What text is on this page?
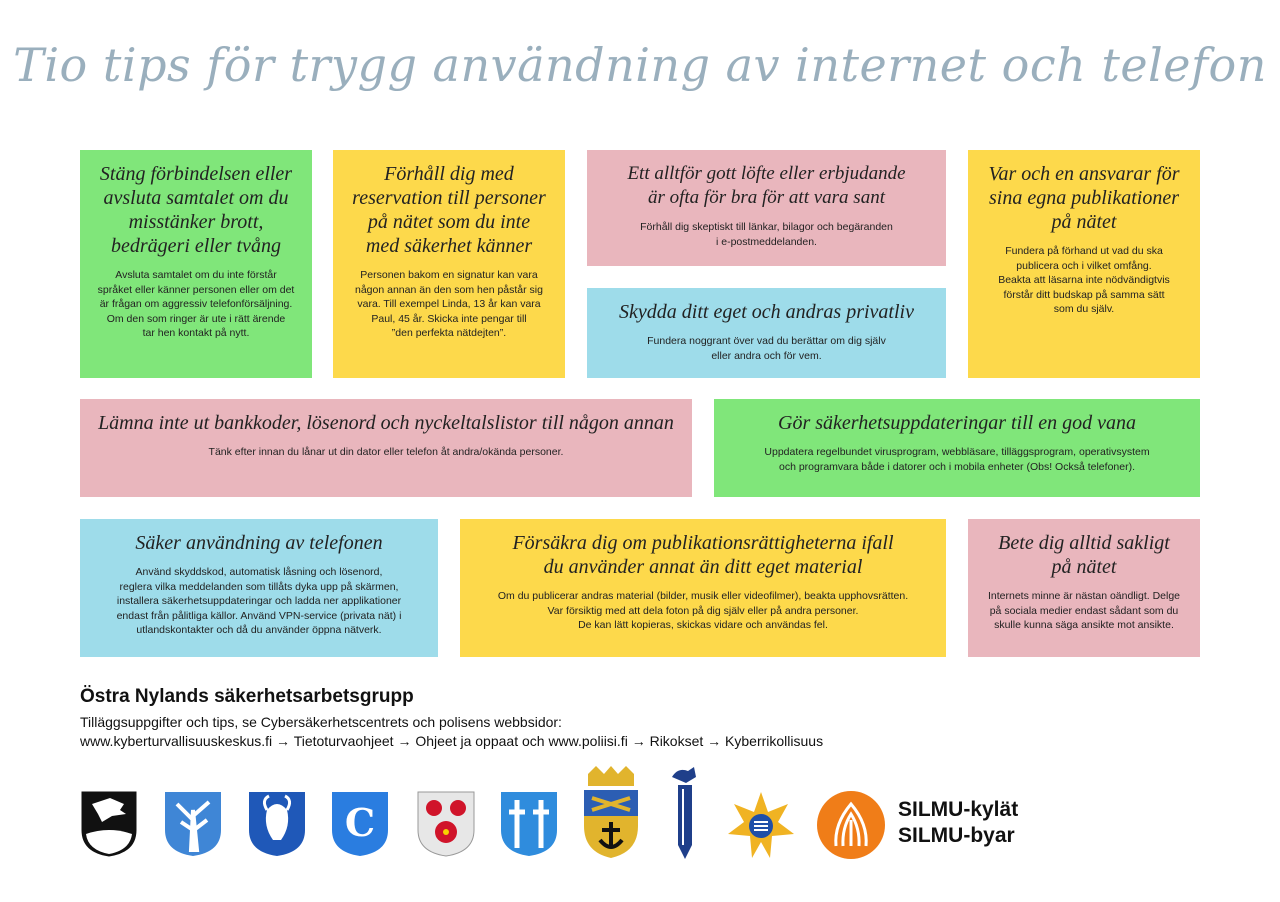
Tio tips för trygg användning av internet och telefon
Stäng förbindelsen eller
avsluta samtalet om du
misstänker brott,
bedrägeri eller tvång

Avsluta samtalet om du inte förstår
språket eller känner personen eller om det
är frågan om aggressiv telefonförsäljning.
Om den som ringer är ute i rätt ärende
tar hen kontakt på nytt.

Förhåll dig med
reservation till personer
på nätet som du inte
med säkerhet känner

Personen bakom en signatur kan vara
någon annan än den som hen påstår sig
vara. Till exempel Linda, 13 år kan vara
Paul, 45 år. Skicka inte pengar till
”den perfekta nätdejten”.

Ett alltför gott löfte eller erbjudande
är ofta för bra för att vara sant

Förhåll dig skeptiskt till länkar, bilagor och begäranden
i e-postmeddelanden.

Skydda ditt eget och andras privatliv

Fundera noggrant över vad du berättar om dig själv
eller andra och för vem.

Var och en ansvarar för
sina egna publikationer
på nätet

Fundera på förhand ut vad du ska
publicera och i vilket omfång.
Beakta att läsarna inte nödvändigtvis
förstår ditt budskap på samma sätt
som du själv.

Lämna inte ut bankkoder, lösenord och nyckeltalslistor till någon annan

Tänk efter innan du lånar ut din dator eller telefon åt andra/okända personer.

Gör säkerhetsuppdateringar till en god vana

Uppdatera regelbundet virusprogram, webbläsare, tilläggsprogram, operativsystem
och programvara både i datorer och i mobila enheter (Obs! Också telefoner).

Säker användning av telefonen

Använd skyddskod, automatisk låsning och lösenord,
reglera vilka meddelanden som tillåts dyka upp på skärmen,
installera säkerhetsuppdateringar och ladda ner applikationer
endast från pålitliga källor. Använd VPN-service (privata nät) i
utlandskontakter och då du använder öppna nätverk.

Försäkra dig om publikationsrättigheterna ifall
du använder annat än ditt eget material

Om du publicerar andras material (bilder, musik eller videofilmer), beakta upphovsrätten.
Var försiktig med att dela foton på dig själv eller på andra personer.
De kan lätt kopieras, skickas vidare och användas fel.

Bete dig alltid sakligt
på nätet

Internets minne är nästan oändligt. Delge
på sociala medier endast sådant som du
skulle kunna säga ansikte mot ansikte.

Östra Nylands säkerhetsarbetsgrupp
Tilläggsuppgifter och tips, se Cybersäkerhetscentrets och polisens webbsidor:
www.kyberturvallisuuskeskus.fi → Tietoturvaohjeet → Ohjeet ja oppaat och www.poliisi.fi → Rikokset → Kyberrikollisuus
C	SILMU-kylät
SILMU-byar
